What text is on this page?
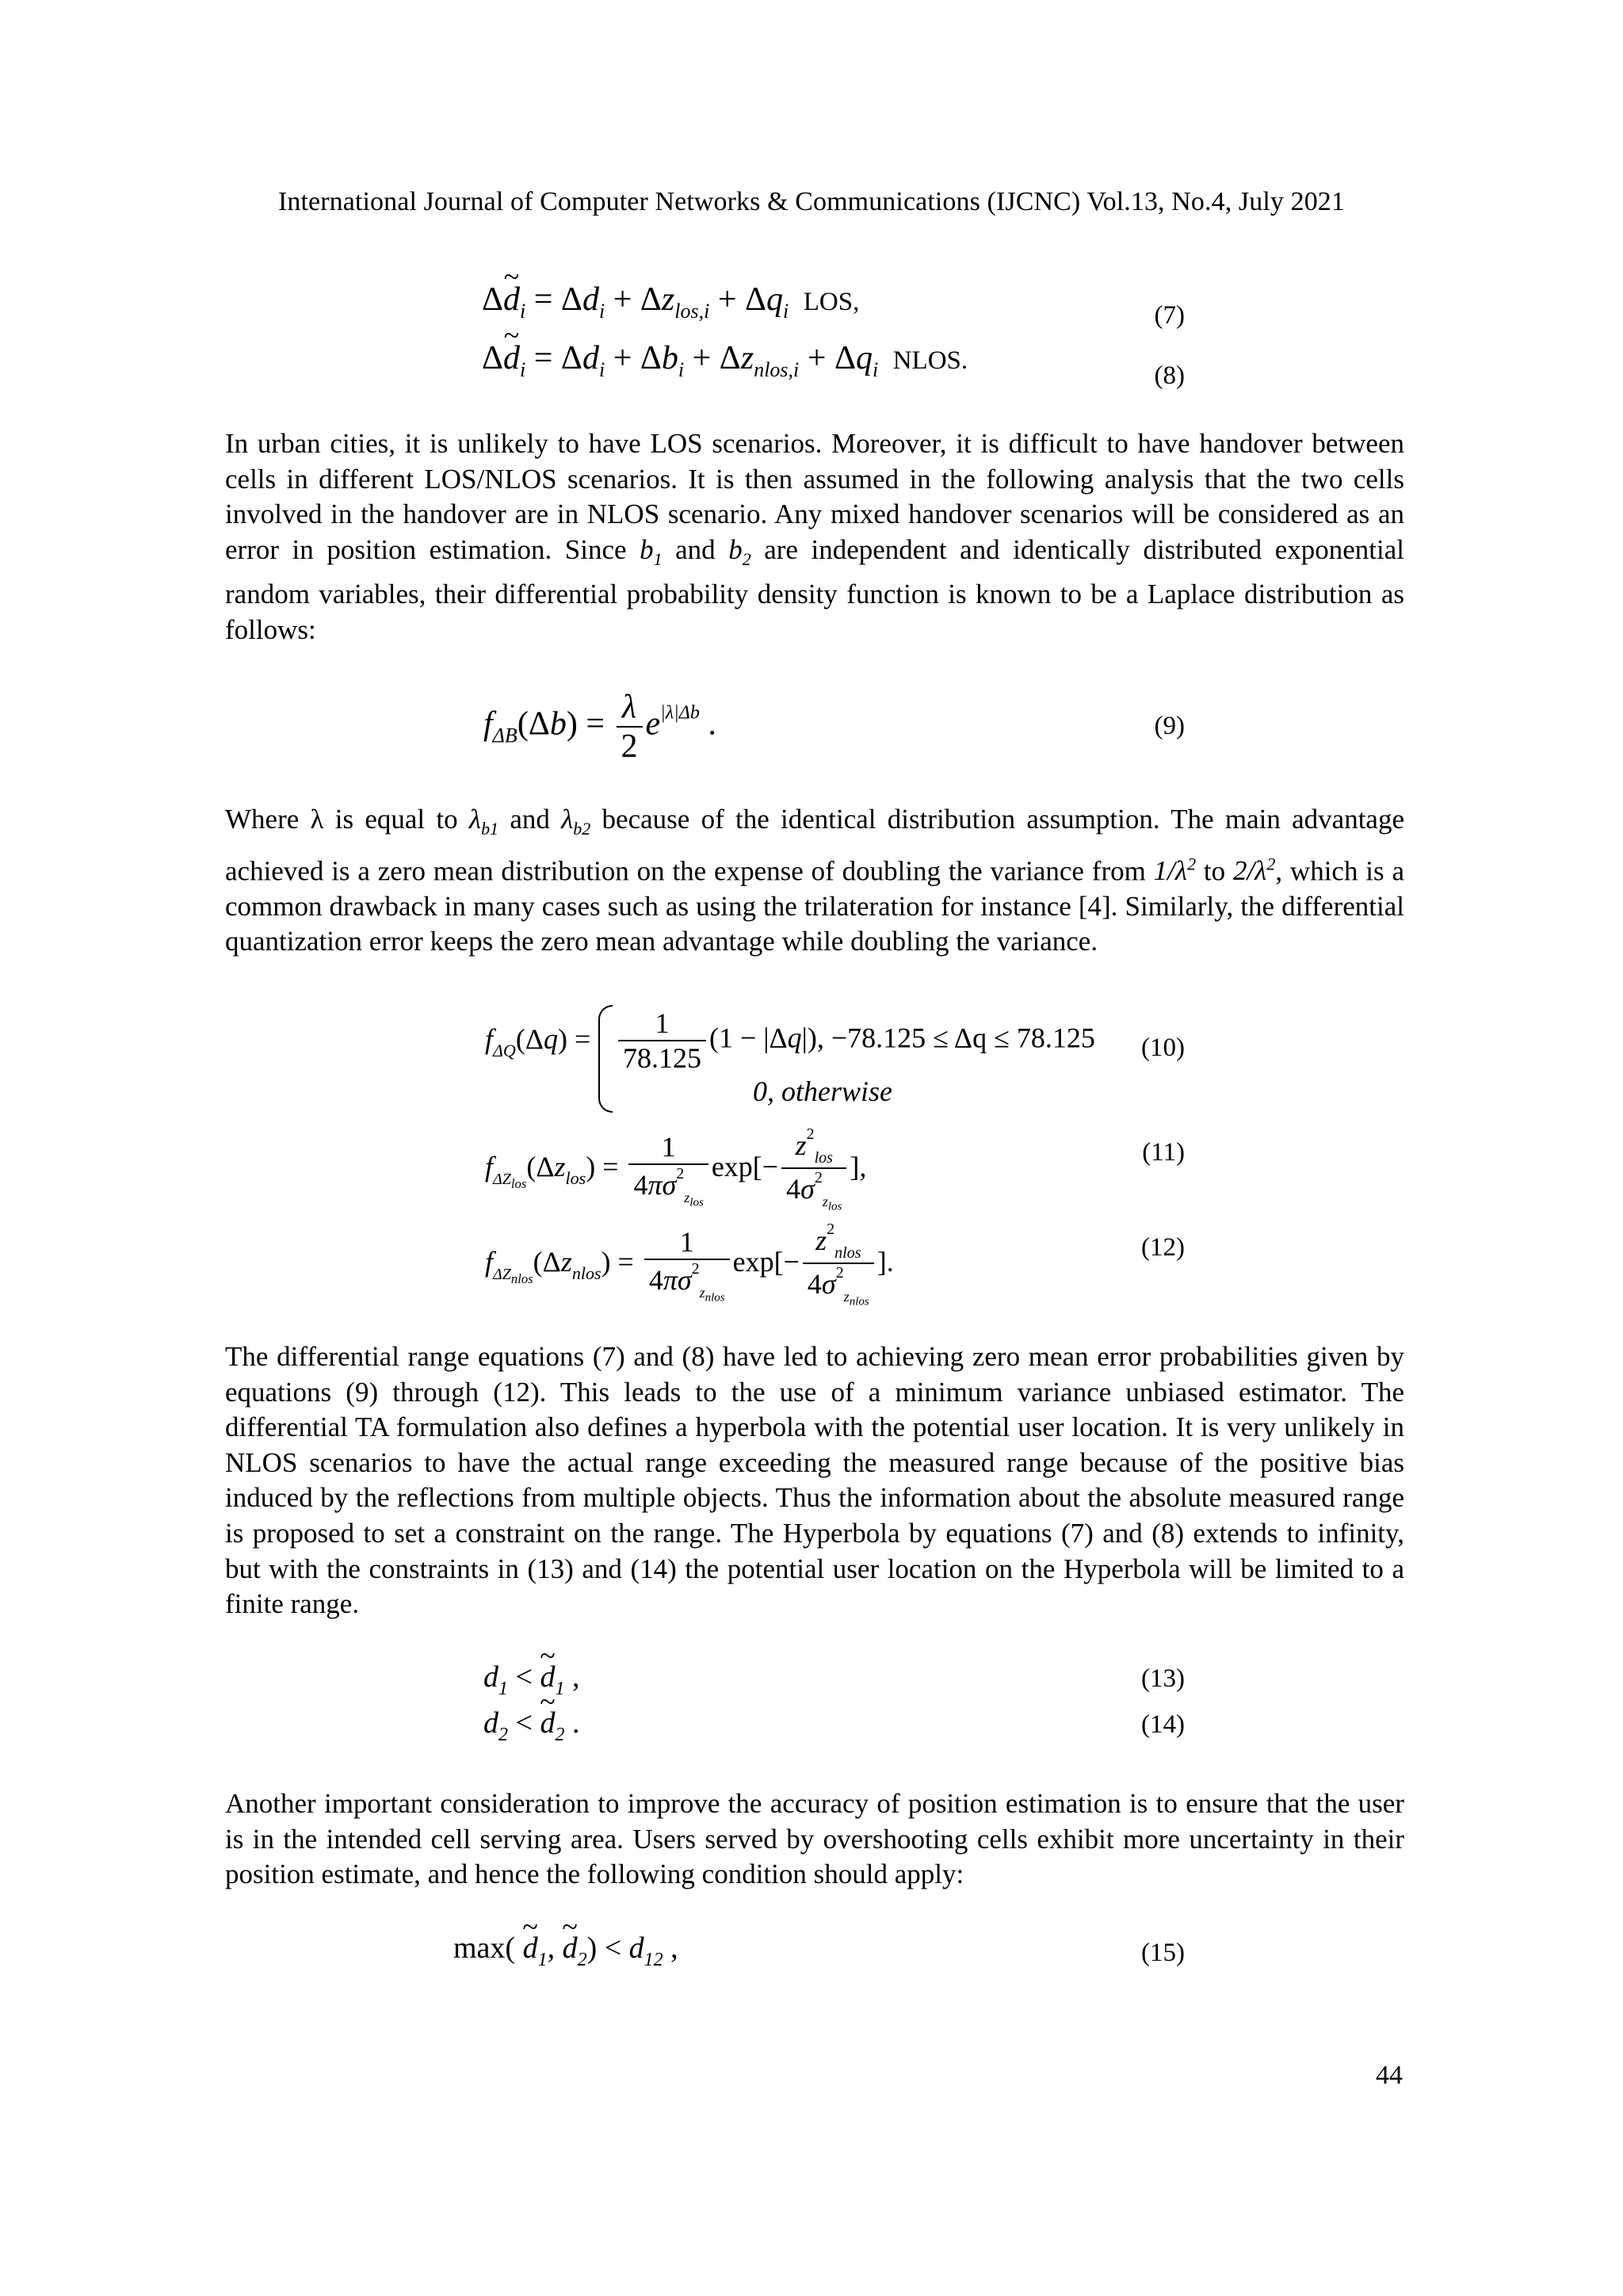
International Journal of Computer Networks & Communications (IJCNC) Vol.13, No.4, July 2021
Δ~ $d_i = \Delta d_i + \Delta z_{los,i} + \Delta q_i$ LOS,	(7)
Δ~ $d_i = \Delta d_i + \Delta b_i + \Delta z_{nlos,i} + \Delta q_i$ NLOS.
(8)

In urban cities, it is unlikely to have LOS scenarios. Moreover, it is difficult to have handover between cells in different LOS/NLOS scenarios. It is then assumed in the following analysis that the two cells involved in the handover are in NLOS scenario. Any mixed handover scenarios will be considered as an error in position estimation. Since $b_1$ and $b_2$ are independent and identically distributed exponential random variables, their differential probability density function is known to be a Laplace distribution as follows:

$f_{\Delta B}(\Delta b) = \frac{\lambda}{2} e^{|\lambda|\Delta b}$ .	(9)

Where λ is equal to $\lambda_{b1}$ and $\lambda_{b2}$ because of the identical distribution assumption. The main advantage achieved is a zero mean distribution on the expense of doubling the variance from $1/\lambda^2$ to $2/\lambda^2$, which is a common drawback in many cases such as using the trilateration for instance [4]. Similarly, the differential quantization error keeps the zero mean advantage while doubling the variance.

$f_{\Delta Q}(\Delta q) = \frac{1}{78.125} (1 - |\Delta q|)$, −78.125 ≤ Δq ≤ 78.125
0, otherwise
(10)
$f_{\Delta Z_{los}}(\Delta z_{los}) = \frac{1}{4\pi\sigma^2_{z_{los}}} \exp[- \frac{z^2_{los}}{4\sigma^2_{z_{los}}}$ ],	(11)
$f_{\Delta Z_{nlos}}(\Delta z_{nlos}) = \frac{1}{4\pi\sigma^2_{z_{nlos}}} \exp[- \frac{z^2_{nlos}}{4\sigma^2_{z_{nlos}}}$ ].	(12)

The differential range equations (7) and (8) have led to achieving zero mean error probabilities given by equations (9) through (12). This leads to the use of a minimum variance unbiased estimator. The differential TA formulation also defines a hyperbola with the potential user location. It is very unlikely in NLOS scenarios to have the actual range exceeding the measured range because of the positive bias induced by the reflections from multiple objects. Thus the information about the absolute measured range is proposed to set a constraint on the range. The Hyperbola by equations (7) and (8) extends to infinity, but with the constraints in (13) and (14) the potential user location on the Hyperbola will be limited to a finite range.

$d_1$ < ~ $d_1$ ,	(13)
$d_2$ < ~ $d_2$ .	(14)

Another important consideration to improve the accuracy of position estimation is to ensure that the user is in the intended cell serving area. Users served by overshooting cells exhibit more uncertainty in their position estimate, and hence the following condition should apply:

max( ~ $d_1$, ~ $d_2) < d_{12}$ ,	(15)
44
